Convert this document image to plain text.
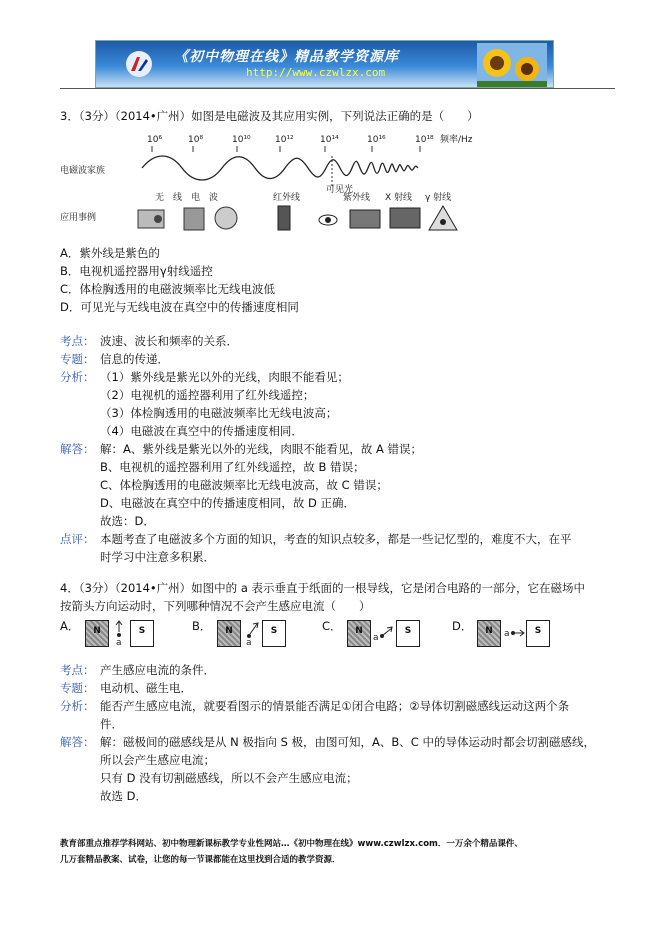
《初中物理在线》精品教学资源库
http://www.czwlzx.com
3．（3分）（2014•广州）如图是电磁波及其应用实例，下列说法正确的是（　　）
电磁波家族
应用事例
10⁶	10⁸	10¹⁰	10¹²	10¹⁴	10¹⁶	10¹⁸ 频率/Hz
无　线　电　波	红外线
可见光
紫外线 X 射线 γ 射线
A．紫外线是紫色的
B．电视机遥控器用γ射线遥控
C．体检胸透用的电磁波频率比无线电波低
D．可见光与无线电波在真空中的传播速度相同
考点： 波速、波长和频率的关系．
专题： 信息的传递．
分析： （1）紫外线是紫光以外的光线，肉眼不能看见；
（2）电视机的遥控器利用了红外线遥控；
（3）体检胸透用的电磁波频率比无线电波高；
（4）电磁波在真空中的传播速度相同．
解答： 解：A、紫外线是紫光以外的光线，肉眼不能看见，故 A 错误；
B、电视机的遥控器利用了红外线遥控，故 B 错误；
C、体检胸透用的电磁波频率比无线电波高，故 C 错误；
D、电磁波在真空中的传播速度相同，故 D 正确．
故选：D．
点评： 本题考查了电磁波多个方面的知识，考查的知识点较多，都是一些记忆型的，难度不大，在平
时学习中注意多积累．
4．（3分）（2014•广州）如图中的 a 表示垂直于纸面的一根导线，它是闭合电路的一部分，它在磁场中
按箭头方向运动时，下列哪种情况不会产生感应电流（　　）
A．	N
a
S	B．	N
a
S	C．	N
a
S	D．	N	a	S
考点： 产生感应电流的条件．
专题： 电动机、磁生电．
分析： 能否产生感应电流，就要看图示的情景能否满足①闭合电路；②导体切割磁感线运动这两个条
件．
解答： 解：磁极间的磁感线是从 N 极指向 S 极，由图可知，A、B、C 中的导体运动时都会切割磁感线，
所以会产生感应电流；
只有 D 没有切割磁感线，所以不会产生感应电流；
故选 D．
教育部重点推荐学科网站、初中物理新课标教学专业性网站…《初中物理在线》www.czwlzx.com．一万余个精品课件、
几万套精品教案、试卷，让您的每一节课都能在这里找到合适的教学资源．
